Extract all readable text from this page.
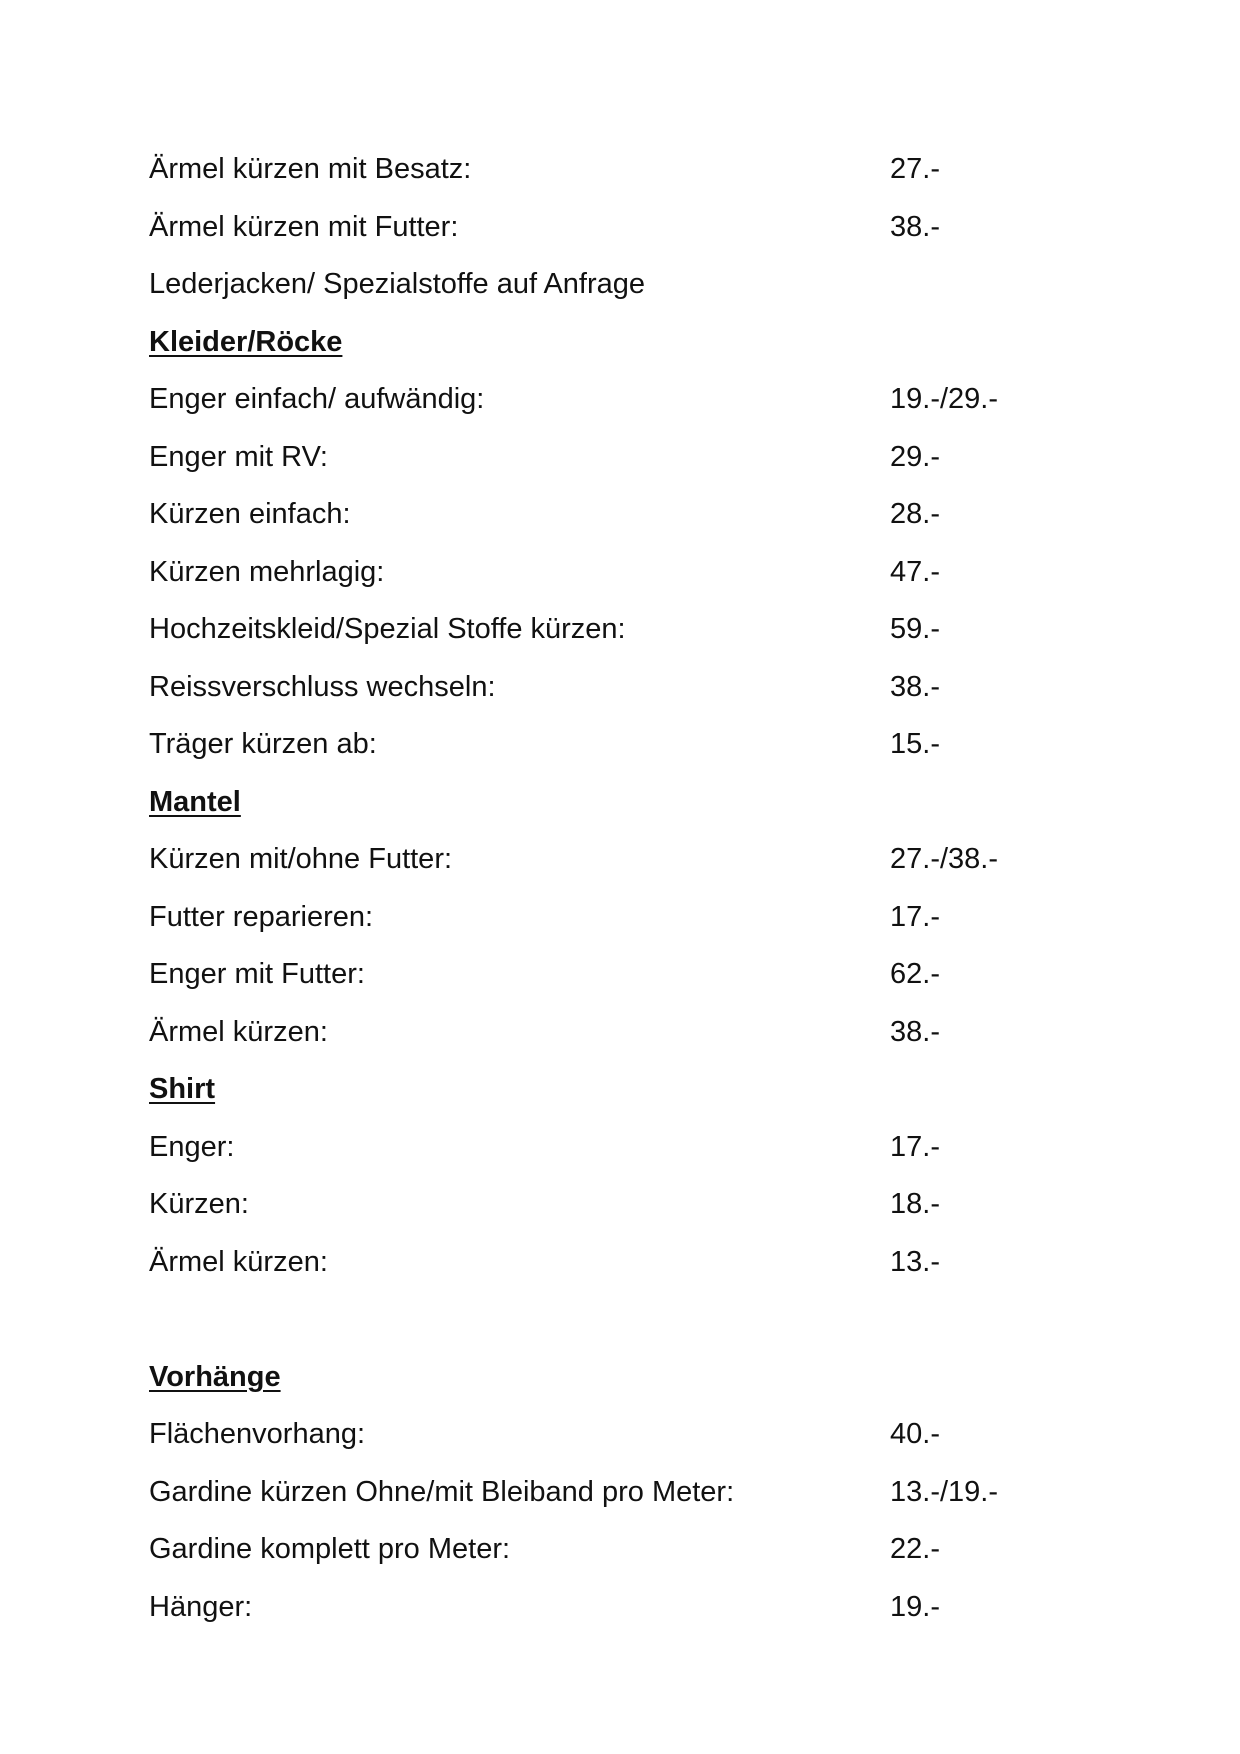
Ärmel kürzen mit Besatz:	27.-
Ärmel kürzen mit Futter:	38.-
Lederjacken/ Spezialstoffe auf Anfrage
Kleider/Röcke
Enger einfach/ aufwändig:	19.-/29.-
Enger mit RV:	29.-
Kürzen einfach:	28.-
Kürzen mehrlagig:	47.-
Hochzeitskleid/Spezial Stoffe kürzen:	59.-
Reissverschluss wechseln:	38.-
Träger kürzen ab:	15.-
Mantel
Kürzen mit/ohne Futter:	27.-/38.-
Futter reparieren:	17.-
Enger mit Futter:	62.-
Ärmel kürzen:	38.-
Shirt
Enger:	17.-
Kürzen:	18.-
Ärmel kürzen:	13.-
Vorhänge
Flächenvorhang:	40.-
Gardine kürzen Ohne/mit Bleiband pro Meter:	13.-/19.-
Gardine komplett pro Meter:	22.-
Hänger:	19.-
